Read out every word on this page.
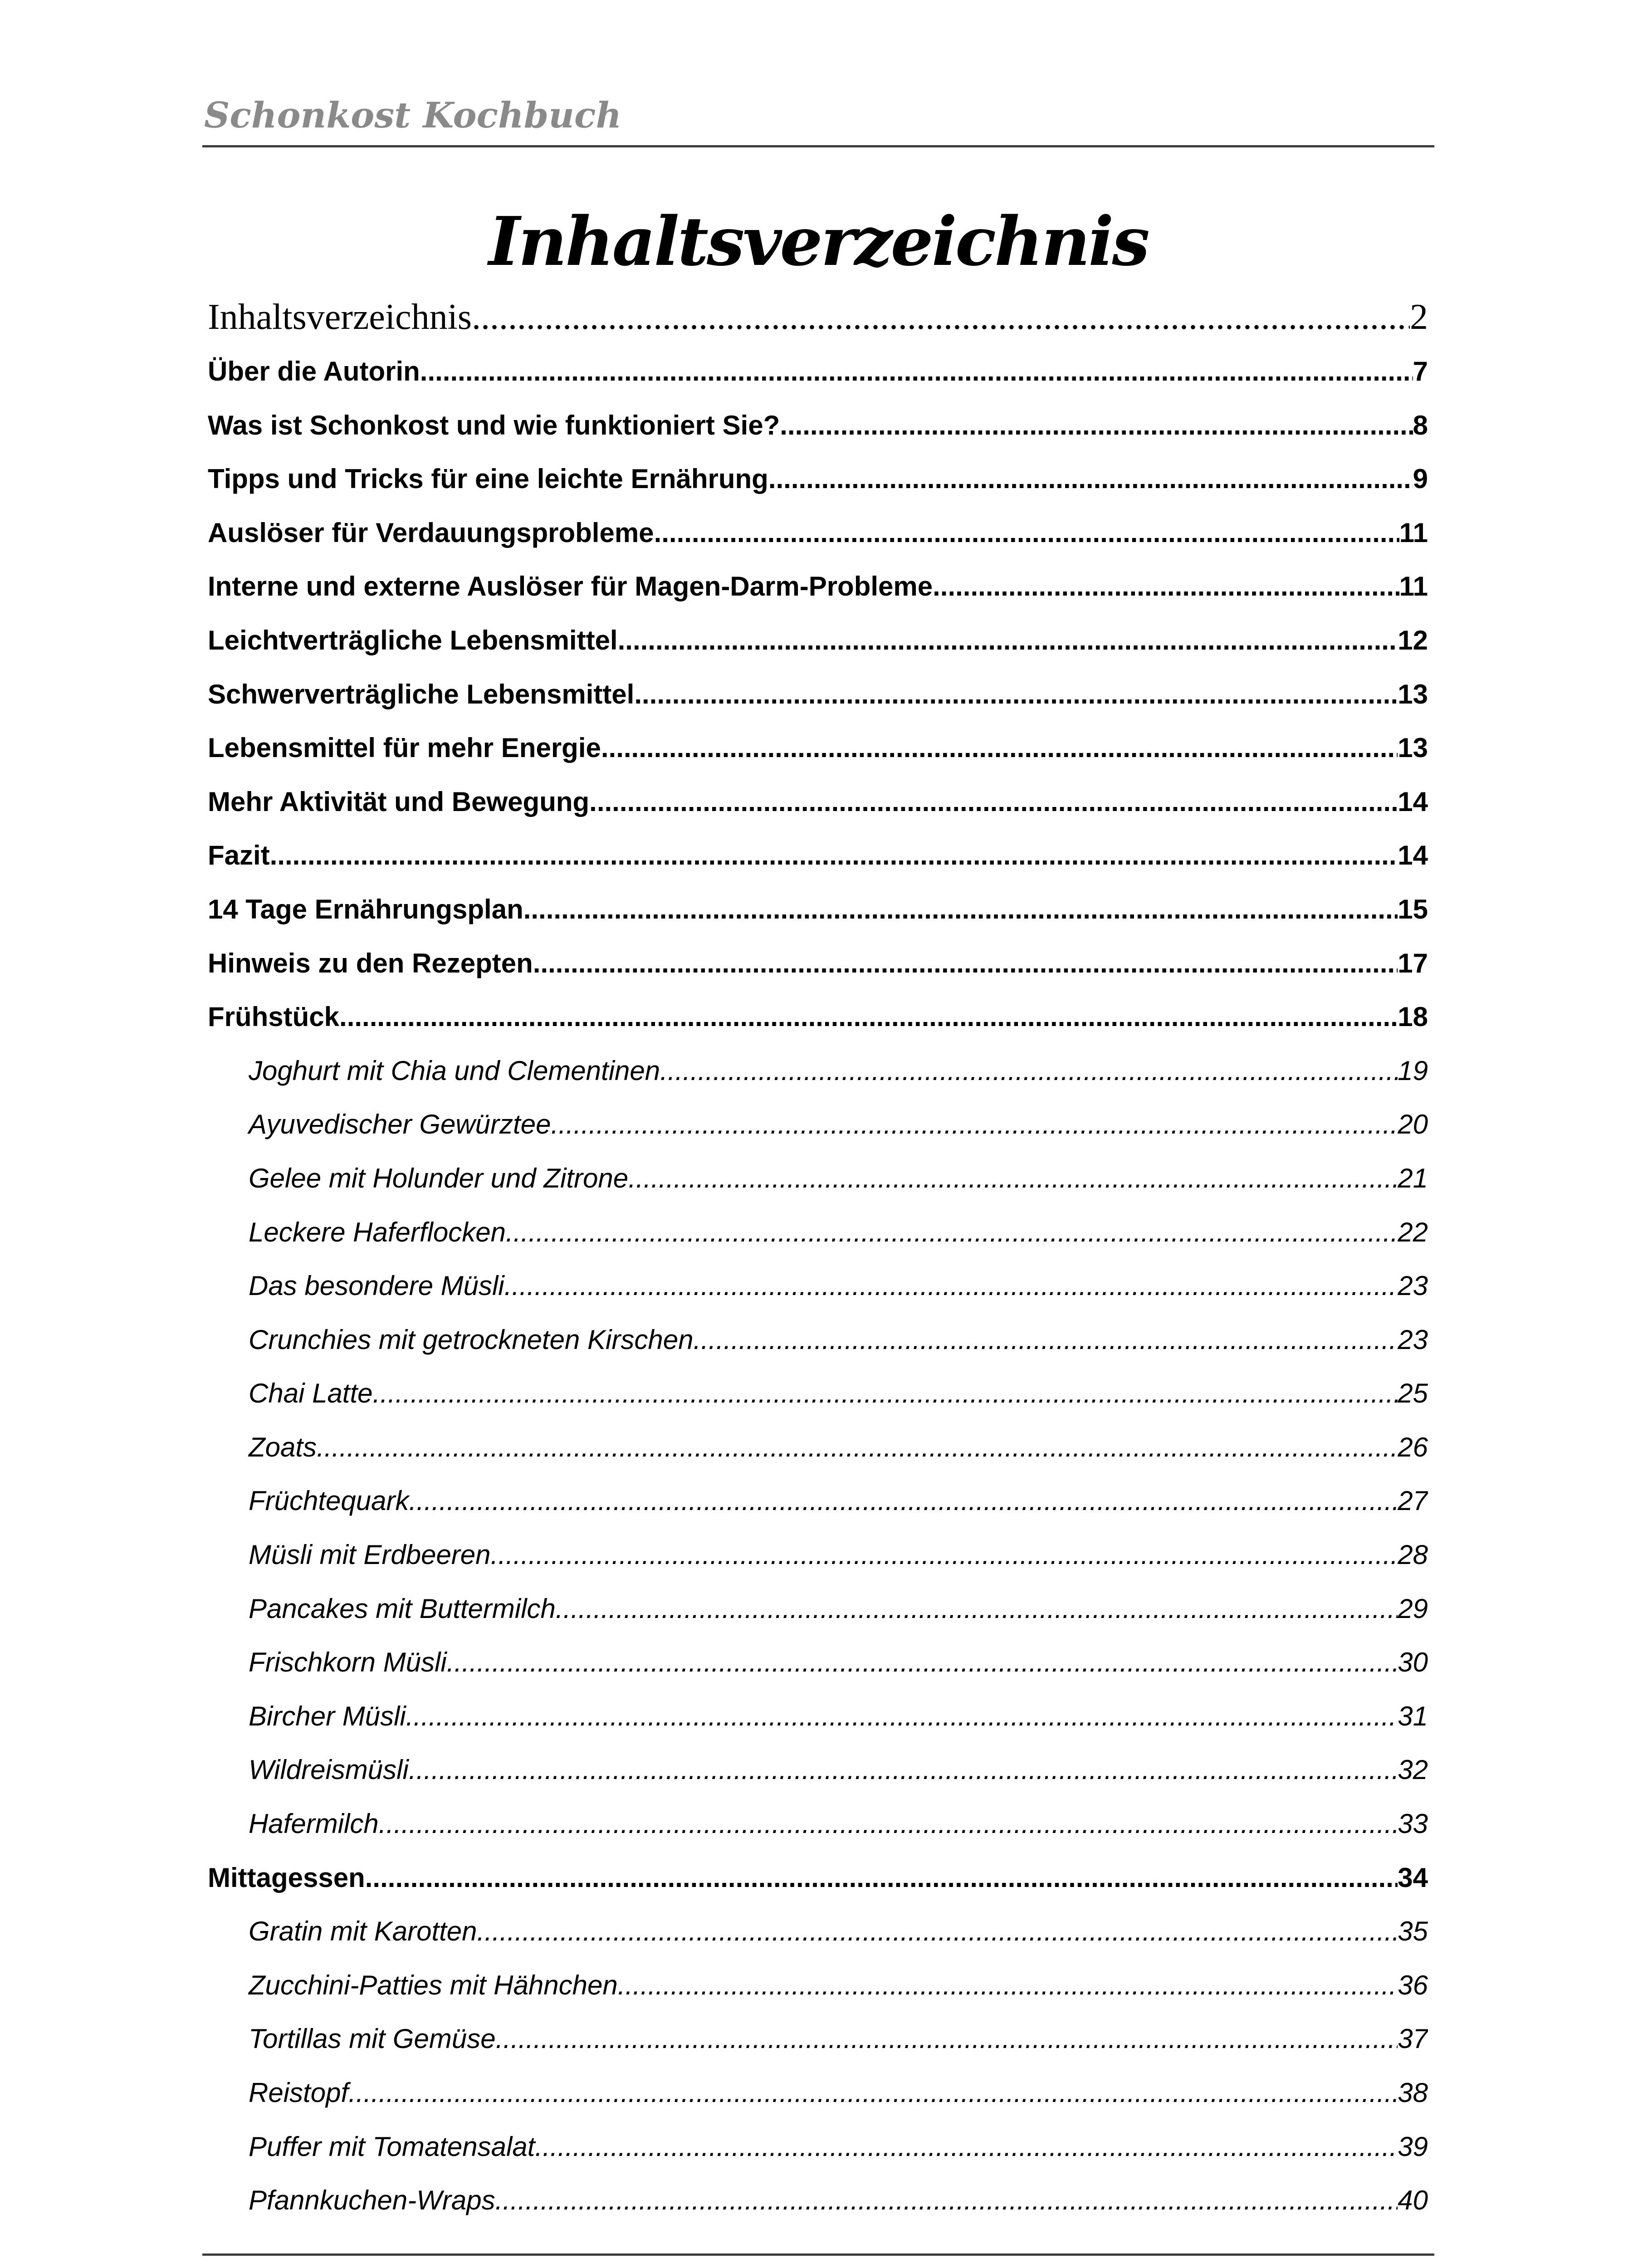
Schonkost Kochbuch
Inhaltsverzeichnis
Inhaltsverzeichnis .....	2
Über die Autorin .....	7
Was ist Schonkost und wie funktioniert Sie? .....	8
Tipps und Tricks für eine leichte Ernährung .....	9
Auslöser für Verdauungsprobleme .....	11
Interne und externe Auslöser für Magen-Darm-Probleme .....	11
Leichtverträgliche Lebensmittel .....	12
Schwerverträgliche Lebensmittel .....	13
Lebensmittel für mehr Energie .....	13
Mehr Aktivität und Bewegung .....	14
Fazit .....	14
14 Tage Ernährungsplan .....	15
Hinweis zu den Rezepten .....	17
Frühstück .....	18
Joghurt mit Chia und Clementinen .....	19
Ayuvedischer Gewürztee .....	20
Gelee mit Holunder und Zitrone .....	21
Leckere Haferflocken .....	22
Das besondere Müsli .....	23
Crunchies mit getrockneten Kirschen .....	23
Chai Latte .....	25
Zoats .....	26
Früchtequark .....	27
Müsli mit Erdbeeren .....	28
Pancakes mit Buttermilch .....	29
Frischkorn Müsli .....	30
Bircher Müsli .....	31
Wildreismüsli .....	32
Hafermilch .....	33
Mittagessen .....	34
Gratin mit Karotten .....	35
Zucchini-Patties mit Hähnchen .....	36
Tortillas mit Gemüse .....	37
Reistopf .....	38
Puffer mit Tomatensalat .....	39
Pfannkuchen-Wraps .....	40
